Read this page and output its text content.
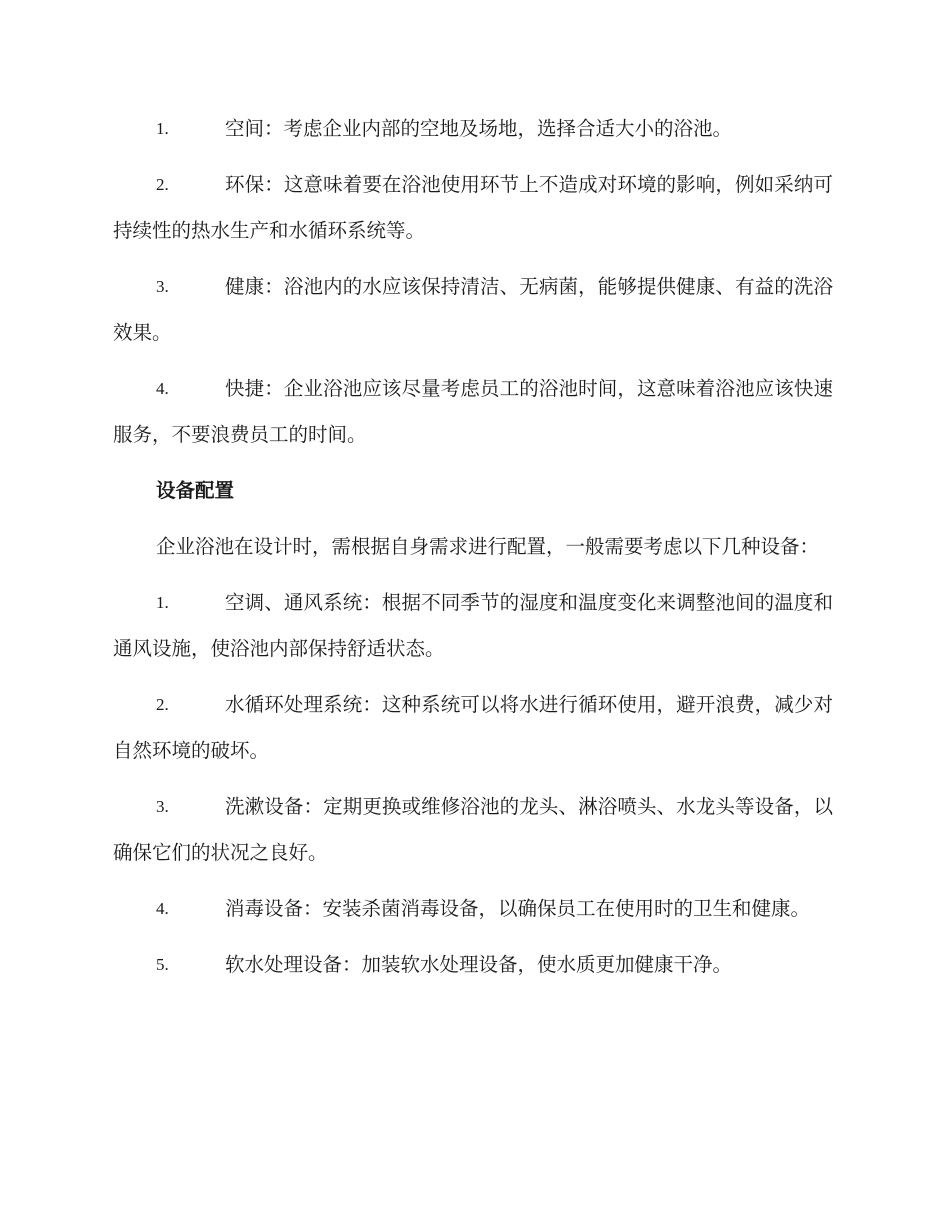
1.	空间：考虑企业内部的空地及场地，选择合适大小的浴池。

2.	环保：这意味着要在浴池使用环节上不造成对环境的影响，例如采纳可持续性的热水生产和水循环系统等。

3.	健康：浴池内的水应该保持清洁、无病菌，能够提供健康、有益的洗浴效果。

4.	快捷：企业浴池应该尽量考虑员工的浴池时间，这意味着浴池应该快速服务，不要浪费员工的时间。

设备配置

企业浴池在设计时，需根据自身需求进行配置，一般需要考虑以下几种设备：

1.	空调、通风系统：根据不同季节的湿度和温度变化来调整池间的温度和通风设施，使浴池内部保持舒适状态。

2.	水循环处理系统：这种系统可以将水进行循环使用，避开浪费，减少对自然环境的破坏。

3.	洗漱设备：定期更换或维修浴池的龙头、淋浴喷头、水龙头等设备，以确保它们的状况之良好。

4.	消毒设备：安装杀菌消毒设备，以确保员工在使用时的卫生和健康。

5.	软水处理设备：加装软水处理设备，使水质更加健康干净。
